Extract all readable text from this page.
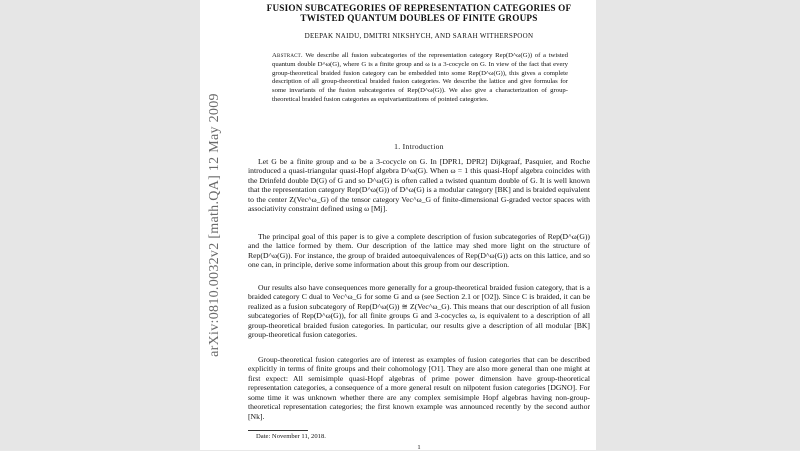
arXiv:0810.0032v2 [math.QA] 12 May 2009
FUSION SUBCATEGORIES OF REPRESENTATION CATEGORIES OF
TWISTED QUANTUM DOUBLES OF FINITE GROUPS
DEEPAK NAIDU, DMITRI NIKSHYCH, AND SARAH WITHERSPOON
Abstract. We describe all fusion subcategories of the representation category Rep(D^ω(G)) of a twisted quantum double D^ω(G), where G is a finite group and ω is a 3-cocycle on G. In view of the fact that every group-theoretical braided fusion category can be embedded into some Rep(D^ω(G)), this gives a complete description of all group-theoretical braided fusion categories. We describe the lattice and give formulas for some invariants of the fusion subcategories of Rep(D^ω(G)). We also give a characterization of group-theoretical braided fusion categories as equivariantizations of pointed categories.
1. Introduction
Let G be a finite group and ω be a 3-cocycle on G. In [DPR1, DPR2] Dijkgraaf, Pasquier, and Roche introduced a quasi-triangular quasi-Hopf algebra D^ω(G). When ω = 1 this quasi-Hopf algebra coincides with the Drinfeld double D(G) of G and so D^ω(G) is often called a twisted quantum double of G. It is well known that the representation category Rep(D^ω(G)) of D^ω(G) is a modular category [BK] and is braided equivalent to the center Z(Vec^ω_G) of the tensor category Vec^ω_G of finite-dimensional G-graded vector spaces with associativity constraint defined using ω [Mj].
The principal goal of this paper is to give a complete description of fusion subcategories of Rep(D^ω(G)) and the lattice formed by them. Our description of the lattice may shed more light on the structure of Rep(D^ω(G)). For instance, the group of braided autoequivalences of Rep(D^ω(G)) acts on this lattice, and so one can, in principle, derive some information about this group from our description.
Our results also have consequences more generally for a group-theoretical braided fusion category, that is a braided category C dual to Vec^ω_G for some G and ω (see Section 2.1 or [O2]). Since C is braided, it can be realized as a fusion subcategory of Rep(D^ω(G)) ≅ Z(Vec^ω_G). This means that our description of all fusion subcategories of Rep(D^ω(G)), for all finite groups G and 3-cocycles ω, is equivalent to a description of all group-theoretical braided fusion categories. In particular, our results give a description of all modular [BK] group-theoretical fusion categories.
Group-theoretical fusion categories are of interest as examples of fusion categories that can be described explicitly in terms of finite groups and their cohomology [O1]. They are also more general than one might at first expect: All semisimple quasi-Hopf algebras of prime power dimension have group-theoretical representation categories, a consequence of a more general result on nilpotent fusion categories [DGNO]. For some time it was unknown whether there are any complex semisimple Hopf algebras having non-group-theoretical representation categories; the first known example was announced recently by the second author [Nk].
Date: November 11, 2018.
1
